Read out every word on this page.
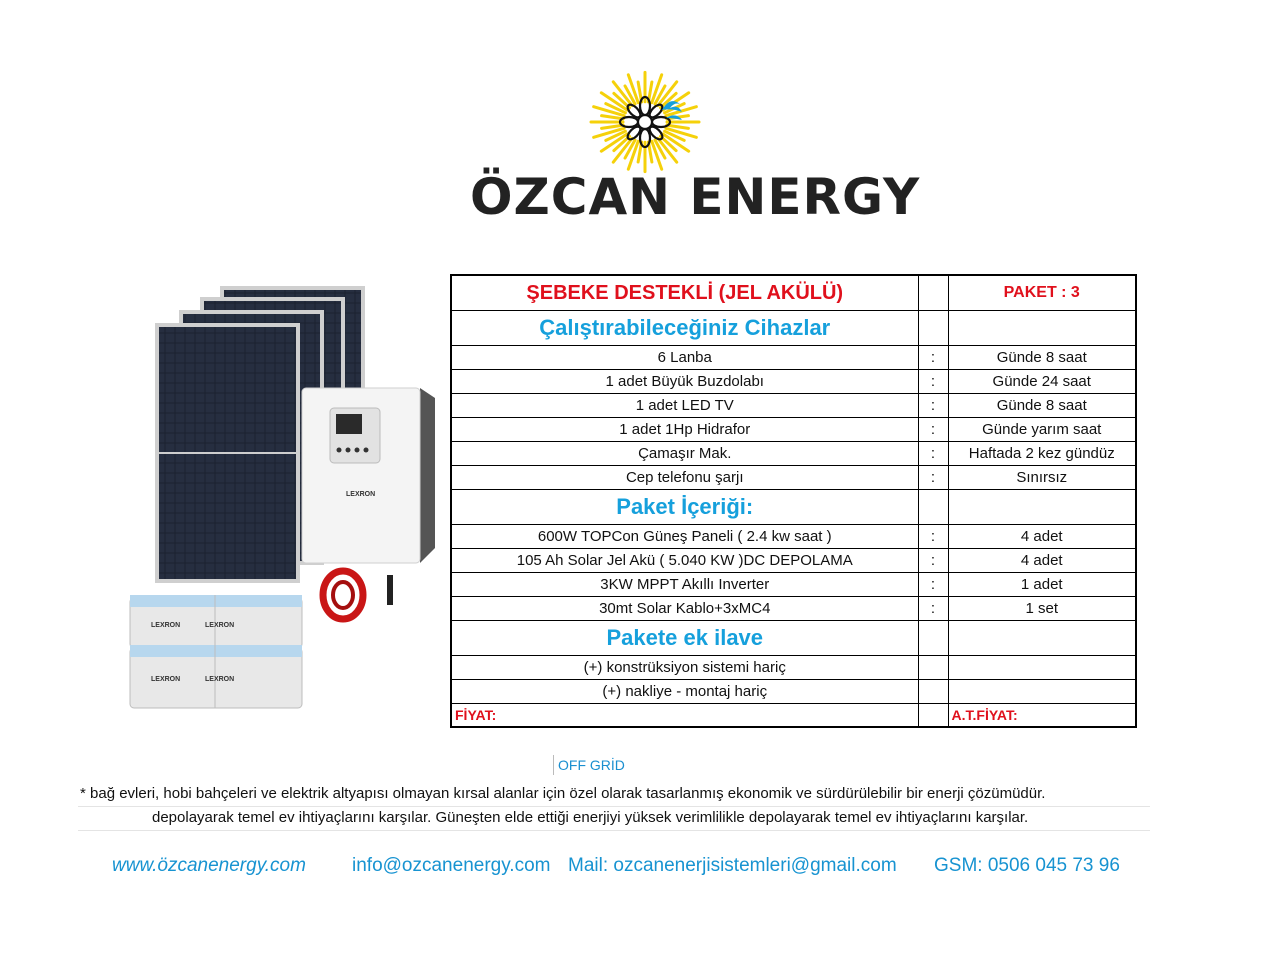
ÖZCAN ENERGY
LEXRON
LEXRON	LEXRON
LEXRON	LEXRON
ŞEBEKE DESTEKLİ (JEL AKÜLÜ)		PAKET : 3
Çalıştırabileceğiniz Cihazlar		
6 Lanba	:	Günde 8 saat
1 adet Büyük Buzdolabı	:	Günde 24 saat
1 adet LED TV	:	Günde 8 saat
1 adet 1Hp Hidrafor	:	Günde yarım saat
Çamaşır Mak.	:	Haftada 2 kez gündüz
Cep telefonu şarjı	:	Sınırsız
Paket İçeriği:		
600W TOPCon Güneş Paneli ( 2.4 kw saat )	:	4 adet
105 Ah Solar Jel Akü ( 5.040 KW )DC DEPOLAMA	:	4 adet
3KW MPPT Akıllı Inverter	:	1 adet
30mt Solar Kablo+3xMC4	:	1 set
Pakete ek ilave		
(+) konstrüksiyon sistemi hariç		
(+) nakliye - montaj hariç		
FİYAT:		A.T.FİYAT:
OFF GRİD
* bağ evleri, hobi bahçeleri ve elektrik altyapısı olmayan kırsal alanlar için özel olarak tasarlanmış ekonomik ve sürdürülebilir bir enerji çözümüdür.
depolayarak temel ev ihtiyaçlarını karşılar. Güneşten elde ettiği enerjiyi yüksek verimlilikle depolayarak temel ev ihtiyaçlarını karşılar.
www.özcanenergy.com info@ozcanenergy.com Mail: ozcanenerjisistemleri@gmail.com GSM: 0506 045 73 96
